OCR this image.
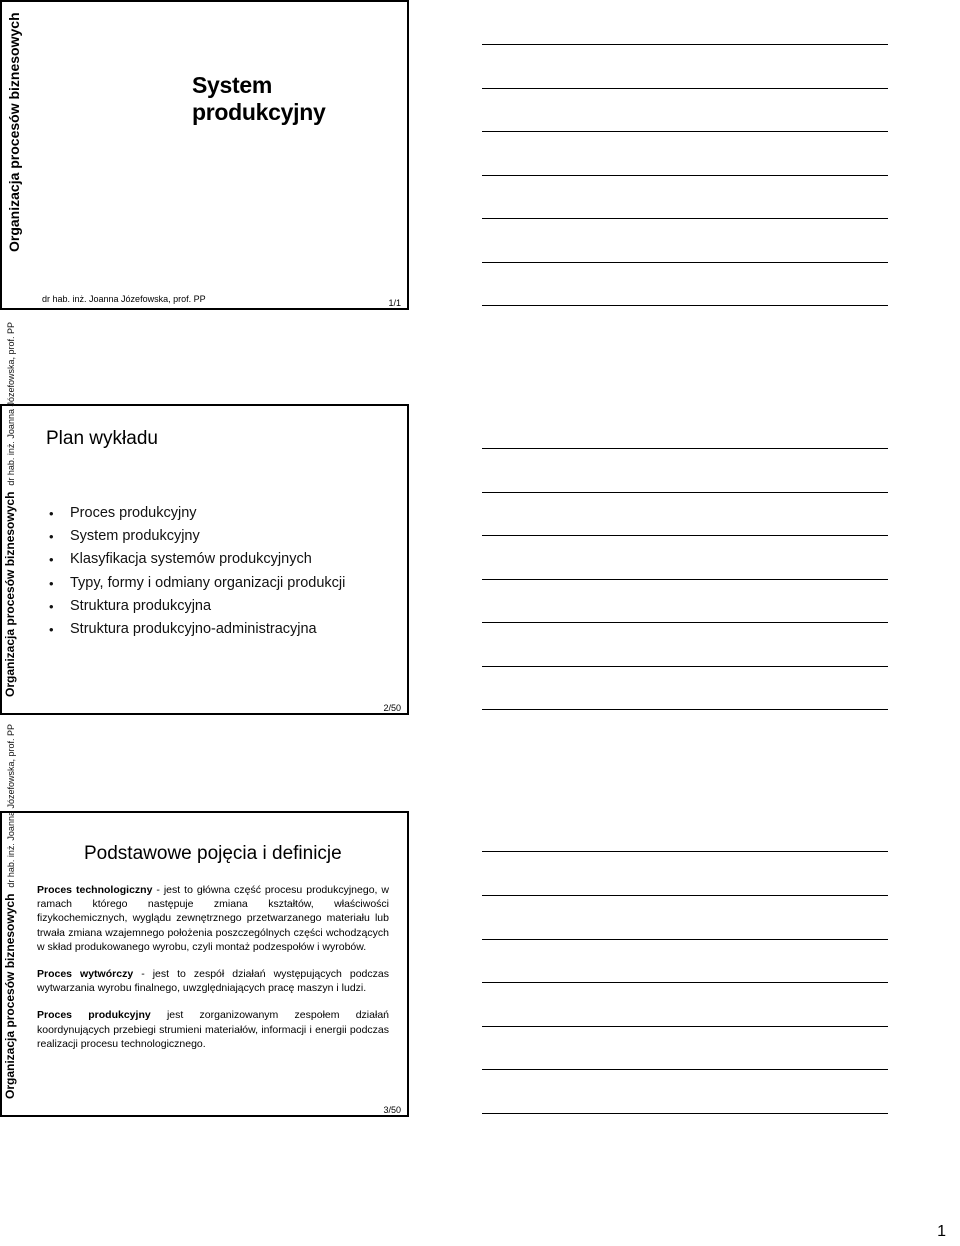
Organizacja procesów biznesowych	System produkcyjny
dr hab. inż. Joanna Józefowska, prof. PP	1/1
Organizacja procesów biznesowychdr hab. inż. Joanna Józefowska, prof. PP Plan wykładu
• Proces produkcyjny
• System produkcyjny
• Klasyfikacja systemów produkcyjnych
• Typy, formy i odmiany organizacji produkcji
• Struktura produkcyjna
• Struktura produkcyjno-administracyjna
2/50
Organizacja procesów biznesowychdr hab. inż. Joanna Józefowska, prof. PP	Podstawowe pojęcia i definicje

Proces technologiczny - jest to główna część procesu produkcyjnego, w ramach którego następuje zmiana kształtów, właściwości fizykochemicznych, wyglądu zewnętrznego przetwarzanego materiału lub trwała zmiana wzajemnego położenia poszczególnych części wchodzących w skład produkowanego wyrobu, czyli montaż podzespołów i wyrobów.

Proces wytwórczy - jest to zespół działań występujących podczas wytwarzania wyrobu finalnego, uwzględniających pracę maszyn i ludzi.

Proces produkcyjny jest zorganizowanym zespołem działań koordynujących przebiegi strumieni materiałów, informacji i energii podczas realizacji procesu technologicznego.

3/50
1
